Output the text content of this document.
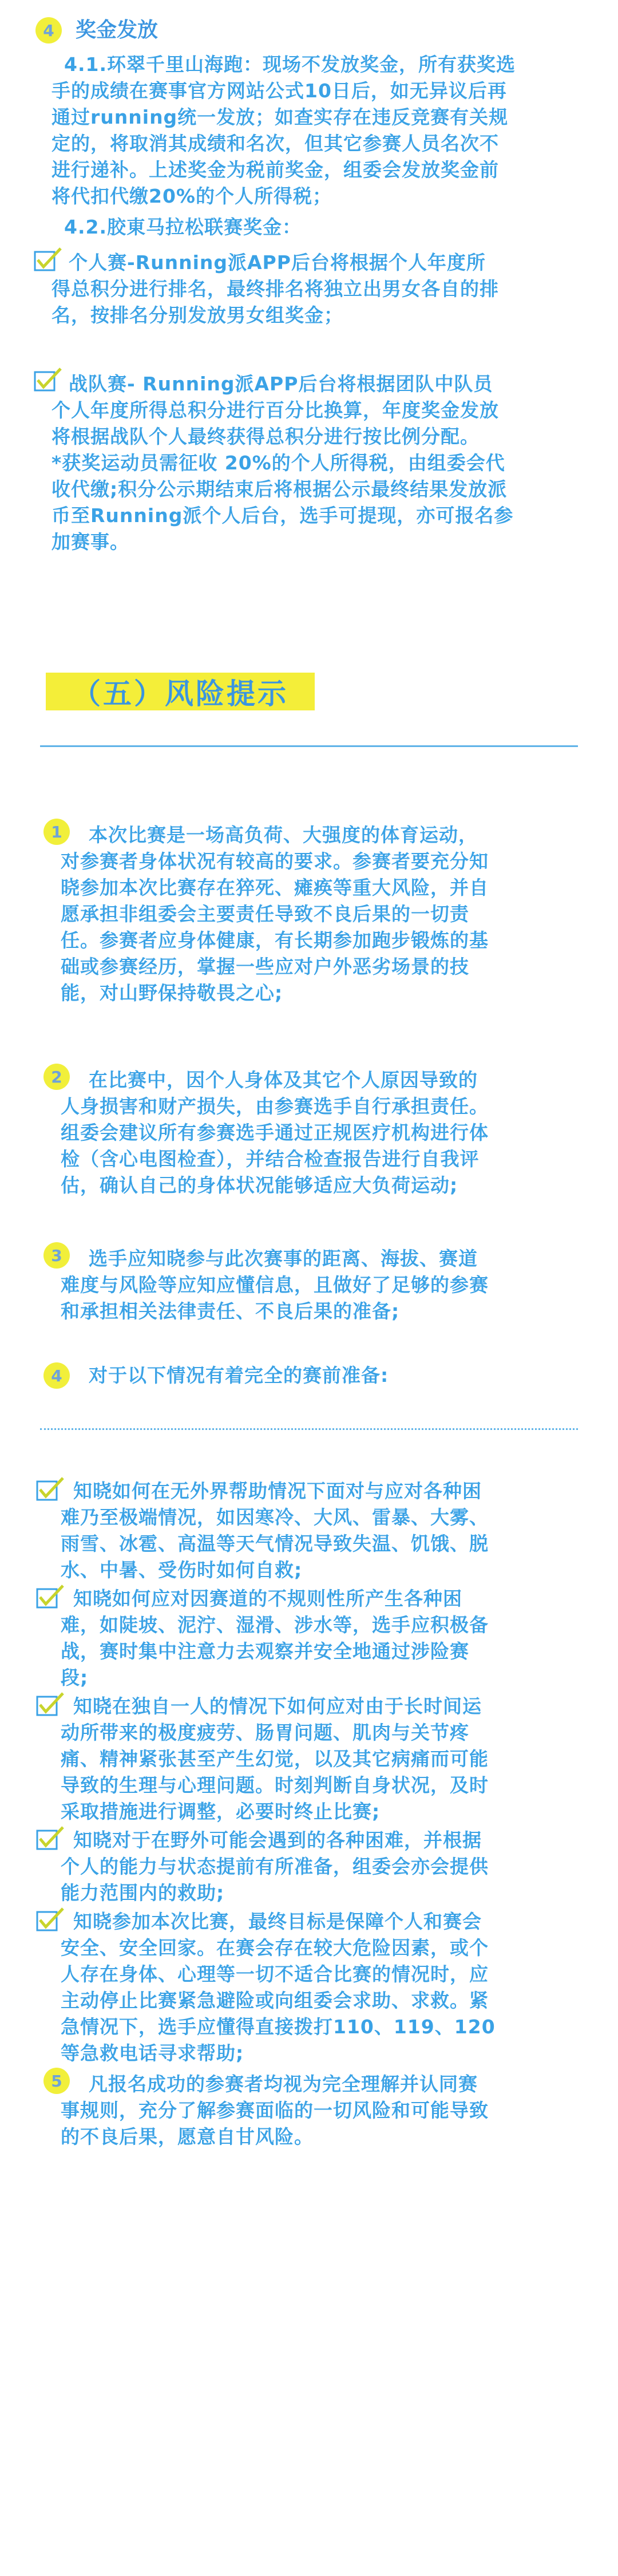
4 奖金发放
4.1.环翠千里山海跑：现场不发放奖金，所有获奖选
手的成绩在赛事官方网站公式10日后，如无异议后再
通过running统一发放；如查实存在违反竞赛有关规
定的，将取消其成绩和名次，但其它参赛人员名次不
进行递补。上述奖金为税前奖金，组委会发放奖金前
将代扣代缴20%的个人所得税；
4.2.胶東马拉松联赛奖金：
个人赛-Running派APP后台将根据个人年度所
得总积分进行排名，最终排名将独立出男女各自的排
名，按排名分别发放男女组奖金；
战队赛- Running派APP后台将根据团队中队员
个人年度所得总积分进行百分比换算，年度奖金发放
将根据战队个人最终获得总积分进行按比例分配。
*获奖运动员需征收 20%的个人所得税，由组委会代
收代缴;积分公示期结束后将根据公示最终结果发放派
币至Running派个人后台，选手可提现，亦可报名参
加赛事。
（五）风险提示
1 本次比赛是一场高负荷、大强度的体育运动，
对参赛者身体状况有较高的要求。参赛者要充分知
晓参加本次比赛存在猝死、瘫痪等重大风险，并自
愿承担非组委会主要责任导致不良后果的一切责
任。参赛者应身体健康，有长期参加跑步锻炼的基
础或参赛经历，掌握一些应对户外恶劣场景的技
能，对山野保持敬畏之心;
2 在比赛中，因个人身体及其它个人原因导致的
人身损害和财产损失，由参赛选手自行承担责任。
组委会建议所有参赛选手通过正规医疗机构进行体
检（含心电图检查），并结合检查报告进行自我评
估，确认自己的身体状况能够适应大负荷运动;
3 选手应知晓参与此次赛事的距离、海拔、赛道
难度与风险等应知应懂信息，且做好了足够的参赛
和承担相关法律责任、不良后果的准备;
4 对于以下情况有着完全的赛前准备:
知晓如何在无外界帮助情况下面对与应对各种困
难乃至极端情况，如因寒冷、大风、雷暴、大雾、
雨雪、冰雹、高温等天气情况导致失温、饥饿、脱
水、中暑、受伤时如何自救;
知晓如何应对因赛道的不规则性所产生各种困
难，如陡坡、泥泞、湿滑、涉水等，选手应积极备
战，赛时集中注意力去观察并安全地通过涉险赛
段;
知晓在独自一人的情况下如何应对由于长时间运
动所带来的极度疲劳、肠胃问题、肌肉与关节疼
痛、精神紧张甚至产生幻觉，以及其它病痛而可能
导致的生理与心理问题。时刻判断自身状况，及时
采取措施进行调整，必要时终止比赛;
知晓对于在野外可能会遇到的各种困难，并根据
个人的能力与状态提前有所准备，组委会亦会提供
能力范围内的救助;
知晓参加本次比赛，最终目标是保障个人和赛会
安全、安全回家。在赛会存在较大危险因素，或个
人存在身体、心理等一切不适合比赛的情况时，应
主动停止比赛紧急避险或向组委会求助、求救。紧
急情况下，选手应懂得直接拨打110、119、120
等急救电话寻求帮助;
5 凡报名成功的参赛者均视为完全理解并认同赛
事规则，充分了解参赛面临的一切风险和可能导致
的不良后果，愿意自甘风险。
